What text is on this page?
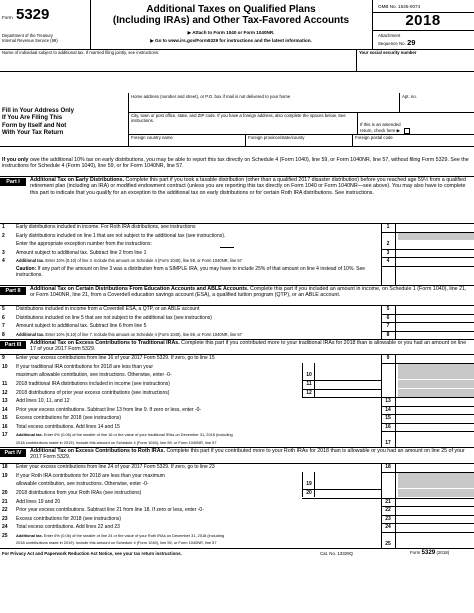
Form 5329
Department of the Treasury
Internal Revenue Service (99)
Additional Taxes on Qualified Plans
(Including IRAs) and Other Tax-Favored Accounts
▶ Attach to Form 1040 or Form 1040NR.
▶ Go to www.irs.gov/Form5329 for instructions and the latest information.
OMB No. 1545-0074
2018
Attachment
Sequence No. 29
Name of individual subject to additional tax. If married filing jointly, see instructions.	Your social security number
Fill in Your Address Only
If You Are Filing This
Form by Itself and Not
With Your Tax Return
Home address (number and street), or P.O. box if mail is not delivered to your home	Apt. no.
City, town or post office, state, and ZIP code. If you have a foreign address, also complete the spaces below. See instructions.
If this is an amended
return, check here ▶
Foreign country name	Foreign province/state/county	Foreign postal code
If you only owe the additional 10% tax on early distributions, you may be able to report this tax directly on Schedule 4 (Form 1040), line 59, or Form 1040NR, line 57, without filing Form 5329. See the instructions for Schedule 4 (Form 1040), line 59, or for Form 1040NR, line 57.
Part I	Additional Tax on Early Distributions. Complete this part if you took a taxable distribution (other than a qualified 2017 disaster distribution) before you reached age 59½ from a qualified retirement plan (including an IRA) or modified endowment contract (unless you are reporting this tax directly on Form 1040 or Form 1040NR—see above). You may also have to complete this part to indicate that you qualify for an exception to the additional tax on early distributions or for certain Roth IRA distributions. See instructions.
1	Early distributions included in income. For Roth IRA distributions, see instructions	1
2	Early distributions included on line 1 that are not subject to the additional tax (see instructions).
Enter the appropriate exception number from the instructions:	2
3	Amount subject to additional tax. Subtract line 2 from line 1	3
4	Additional tax. Enter 10% (0.10) of line 3. Include this amount on Schedule 4 (Form 1040), line 59, or Form 1040NR, line 57	4
Caution: If any part of the amount on line 3 was a distribution from a SIMPLE IRA, you may have to include 25% of that amount on line 4 instead of 10%. See instructions.
Part II	Additional Tax on Certain Distributions From Education Accounts and ABLE Accounts. Complete this part if you included an amount in income, on Schedule 1 (Form 1040), line 21, or Form 1040NR, line 21, from a Coverdell education savings account (ESA), a qualified tuition program (QTP), or an ABLE account.
5	Distributions included in income from a Coverdell ESA, a QTP, or an ABLE account	5
6	Distributions included on line 5 that are not subject to the additional tax (see instructions)	6
7	Amount subject to additional tax. Subtract line 6 from line 5	7
8	Additional tax. Enter 10% (0.10) of line 7. Include this amount on Schedule 4 (Form 1040), line 59, or Form 1040NR, line 57	8
Part III	Additional Tax on Excess Contributions to Traditional IRAs. Complete this part if you contributed more to your traditional IRAs for 2018 than is allowable or you had an amount on line 17 of your 2017 Form 5329.
9	Enter your excess contributions from line 16 of your 2017 Form 5329. If zero, go to line 15	9
10	If your traditional IRA contributions for 2018 are less than your
maximum allowable contribution, see instructions. Otherwise, enter -0-	10
11	2018 traditional IRA distributions included in income (see instructions)	11
12	2018 distributions of prior year excess contributions (see instructions)	12
13	Add lines 10, 11, and 12	13
14	Prior year excess contributions. Subtract line 13 from line 9. If zero or less, enter -0-	14
15	Excess contributions for 2018 (see instructions)	15
16	Total excess contributions. Add lines 14 and 15	16
17	Additional tax. Enter 6% (0.06) of the smaller of line 16 or the value of your traditional IRAs on December 31, 2018 (including
2018 contributions made in 2019). Include this amount on Schedule 4 (Form 1040), line 59, or Form 1040NR, line 57	17
Part IV	Additional Tax on Excess Contributions to Roth IRAs. Complete this part if you contributed more to your Roth IRAs for 2018 than is allowable or you had an amount on line 25 of your 2017 Form 5329.
18	Enter your excess contributions from line 24 of your 2017 Form 5329. If zero, go to line 23	18
19	If your Roth IRA contributions for 2018 are less than your maximum
allowable contribution, see instructions. Otherwise, enter -0-	19
20	2018 distributions from your Roth IRAs (see instructions)	20
21	Add lines 19 and 20	21
22	Prior year excess contributions. Subtract line 21 from line 18. If zero or less, enter -0-	22
23	Excess contributions for 2018 (see instructions)	23
24	Total excess contributions. Add lines 22 and 23	24
25	Additional tax. Enter 6% (0.06) of the smaller of line 24 or the value of your Roth IRAs on December 31, 2018 (including
2018 contributions made in 2019). Include this amount on Schedule 4 (Form 1040), line 59, or Form 1040NR, line 57	25
For Privacy Act and Paperwork Reduction Act Notice, see your tax return instructions.	Cat. No. 13329Q	Form 5329 (2018)
